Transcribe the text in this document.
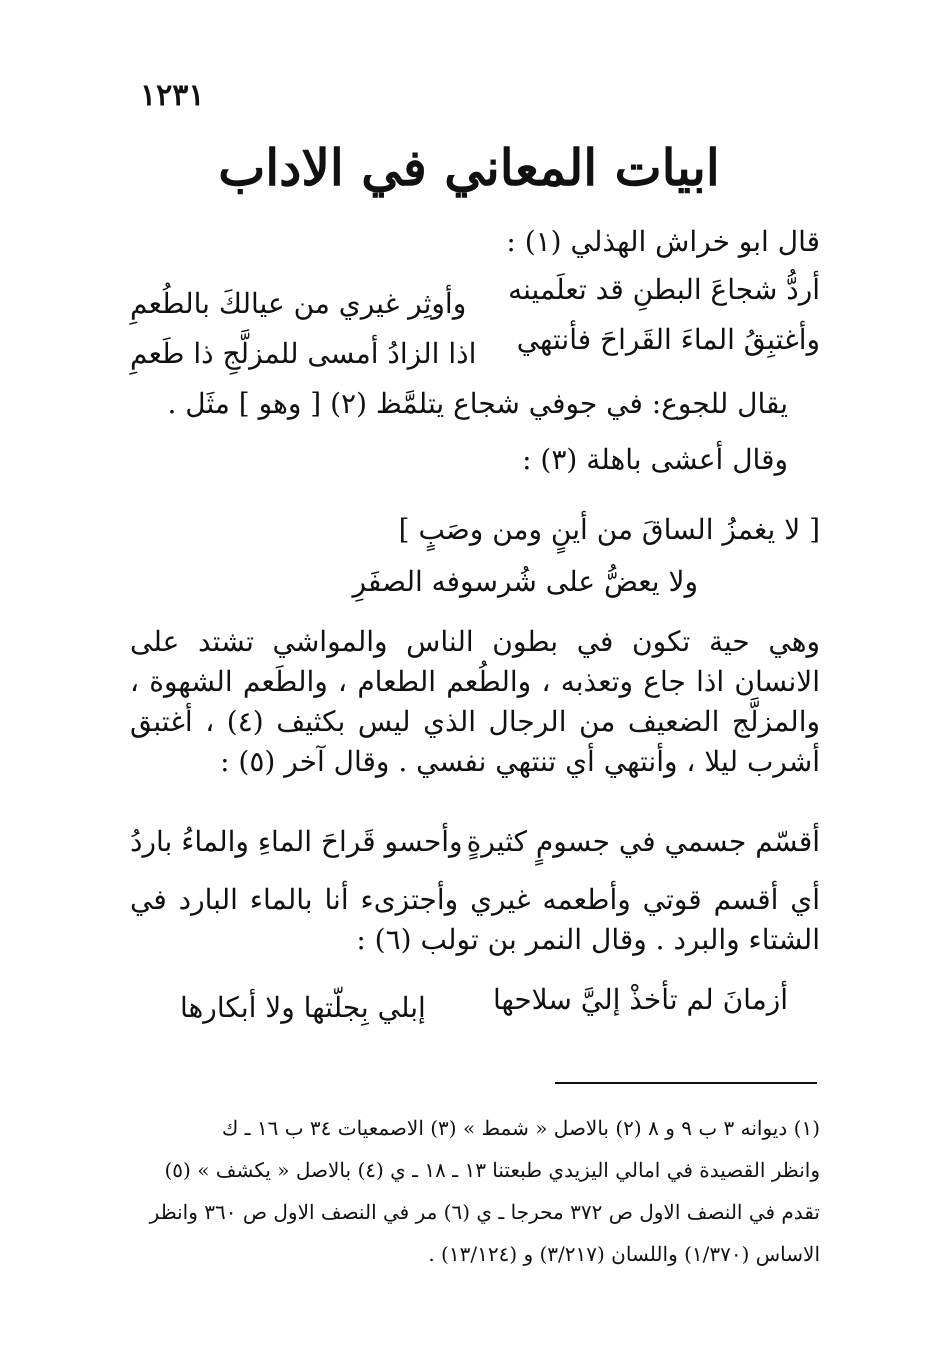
١٢٣١
ابيات المعاني في الاداب
قال ابو خراش الهذلي (١) :
أردُّ شجاعَ البطنِ قد تعلَمينه
وأوثِر غيري من عيالكَ بالطُعمِ
وأغتبِقُ الماءَ القَراحَ فأنتهي
اذا الزادُ أمسى للمزلَّجِ ذا طَعمِ
يقال للجوع: في جوفي شجاع يتلمَّظ (٢) [ وهو ] مثَل .
وقال أعشى باهلة (٣) :
[ لا يغمزُ الساقَ من أينٍ ومن وصَبٍ ]
ولا يعضُّ على شُرسوفه الصفَرِ
وهي حية تكون في بطون الناس والمواشي تشتد على الانسان اذا جاع وتعذبه ، والطُعم الطعام ، والطَعم الشهوة ، والمزلَّج الضعيف من الرجال الذي ليس بكثيف (٤) ، أغتبق أشرب ليلا ، وأنتهي أي تنتهي نفسي . وقال آخر (٥) :
أقسّم جسمي في جسومٍ كثيرةٍ
وأحسو قَراحَ الماءِ والماءُ باردُ
أي أقسم قوتي وأطعمه غيري وأجتزىء أنا بالماء البارد في الشتاء والبرد . وقال النمر بن تولب (٦) :
أزمانَ لم تأخذْ إليَّ سلاحها
إبلي بِجلّتها ولا أبكارها
(١) ديوانه ٣ ب ٩ و ٨ (٢) بالاصل « شمط » (٣) الاصمعيات ٣٤ ب ١٦ ـ ك
وانظر القصيدة في امالي اليزيدي طبعتنا ١٣ ـ ١٨ ـ ي (٤) بالاصل « يكشف » (٥)
تقدم في النصف الاول ص ٣٧٢ محرجا ـ ي (٦) مر في النصف الاول ص ٣٦٠ وانظر
الاساس (١/٣٧٠) واللسان (٣/٢١٧) و (١٣/١٢٤) .
